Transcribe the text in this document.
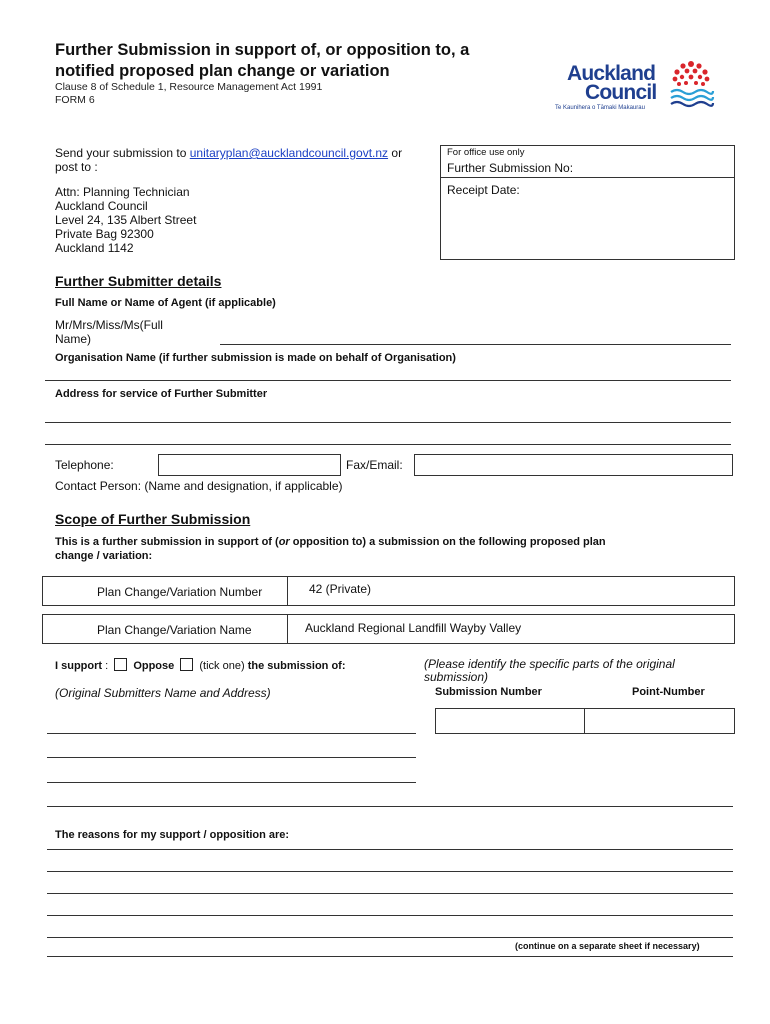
Further Submission in support of, or opposition to, a
notified proposed plan change or variation
Clause 8 of Schedule 1, Resource Management Act 1991
FORM 6
Auckland
Council
Te Kaunihera o Tāmaki Makaurau
Send your submission to unitaryplan@aucklandcouncil.govt.nz or
post to :
Attn: Planning Technician
Auckland Council
Level 24, 135 Albert Street
Private Bag 92300
Auckland 1142
For office use only
Further Submission No:
Receipt Date:
Further Submitter details
Full Name or Name of Agent (if applicable)
Mr/Mrs/Miss/Ms(Full
Name)
Organisation Name (if further submission is made on behalf of Organisation)
Address for service of Further Submitter
Telephone:	Fax/Email:
Contact Person: (Name and designation, if applicable)
Scope of Further Submission
This is a further submission in support of (or opposition to) a submission on the following proposed plan
change / variation:
Plan Change/Variation Number	42 (Private)
Plan Change/Variation Name	Auckland Regional Landfill Wayby Valley
I support : Oppose (tick one) the submission of:
(Original Submitters Name and Address)
(Please identify the specific parts of the original
submission)
Submission Number	Point-Number
The reasons for my support / opposition are:
(continue on a separate sheet if necessary)
